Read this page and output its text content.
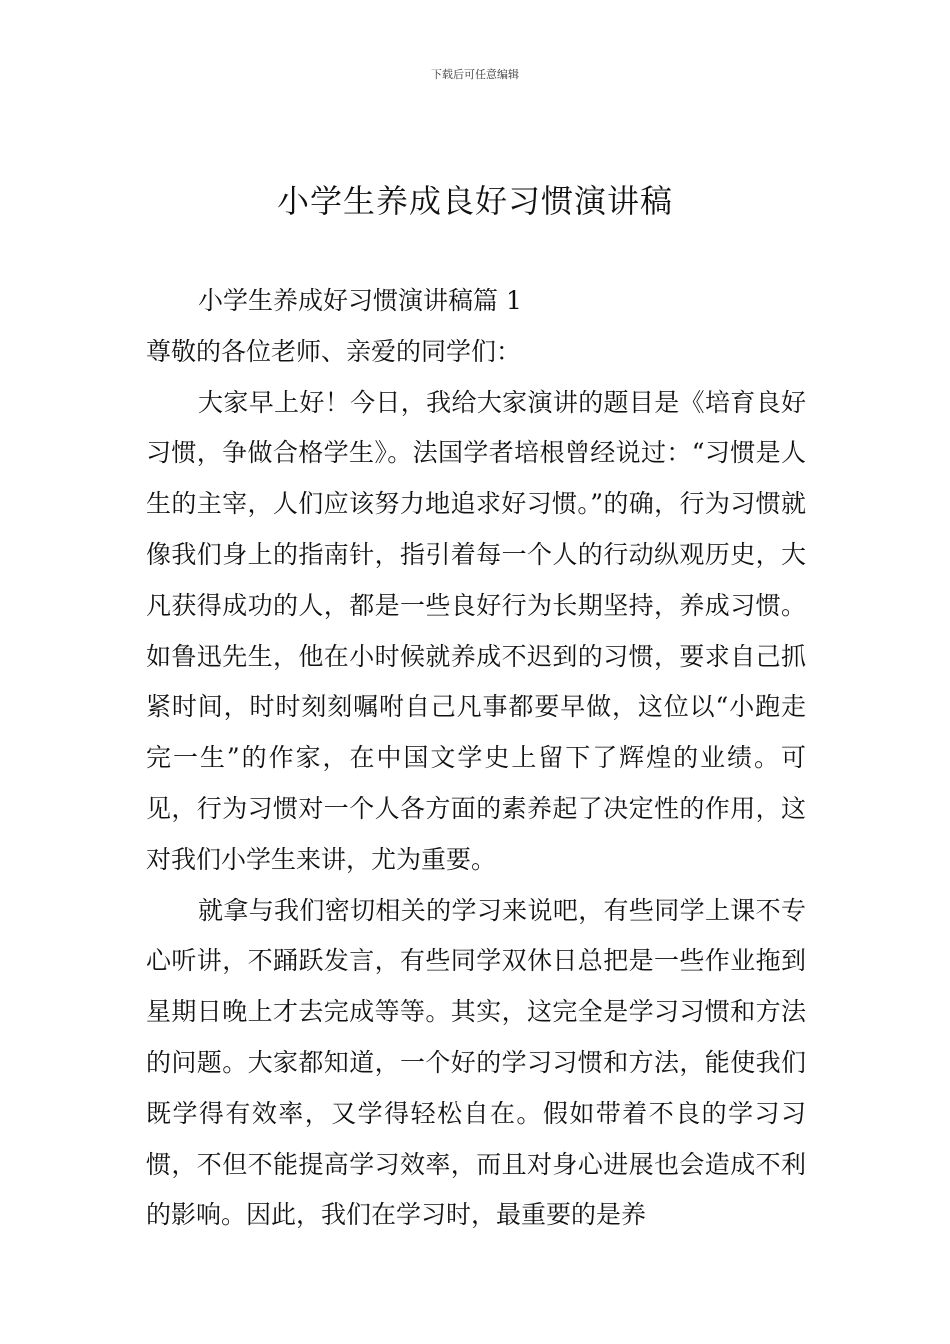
下载后可任意编辑
小学生养成良好习惯演讲稿

小学生养成好习惯演讲稿篇 1

尊敬的各位老师、亲爱的同学们：

大家早上好！今日，我给大家演讲的题目是《培育良好习惯，争做合格学生》。法国学者培根曾经说过：“习惯是人生的主宰，人们应该努力地追求好习惯。”的确，行为习惯就像我们身上的指南针，指引着每一个人的行动纵观历史，大凡获得成功的人，都是一些良好行为长期坚持，养成习惯。如鲁迅先生，他在小时候就养成不迟到的习惯，要求自己抓紧时间，时时刻刻嘱咐自己凡事都要早做，这位以“小跑走完一生”的作家，在中国文学史上留下了辉煌的业绩。可见，行为习惯对一个人各方面的素养起了决定性的作用，这对我们小学生来讲，尤为重要。

就拿与我们密切相关的学习来说吧，有些同学上课不专心听讲，不踊跃发言，有些同学双休日总把是一些作业拖到星期日晚上才去完成等等。其实，这完全是学习习惯和方法的问题。大家都知道，一个好的学习习惯和方法，能使我们既学得有效率，又学得轻松自在。假如带着不良的学习习惯，不但不能提高学习效率，而且对身心进展也会造成不利的影响。因此，我们在学习时，最重要的是养
